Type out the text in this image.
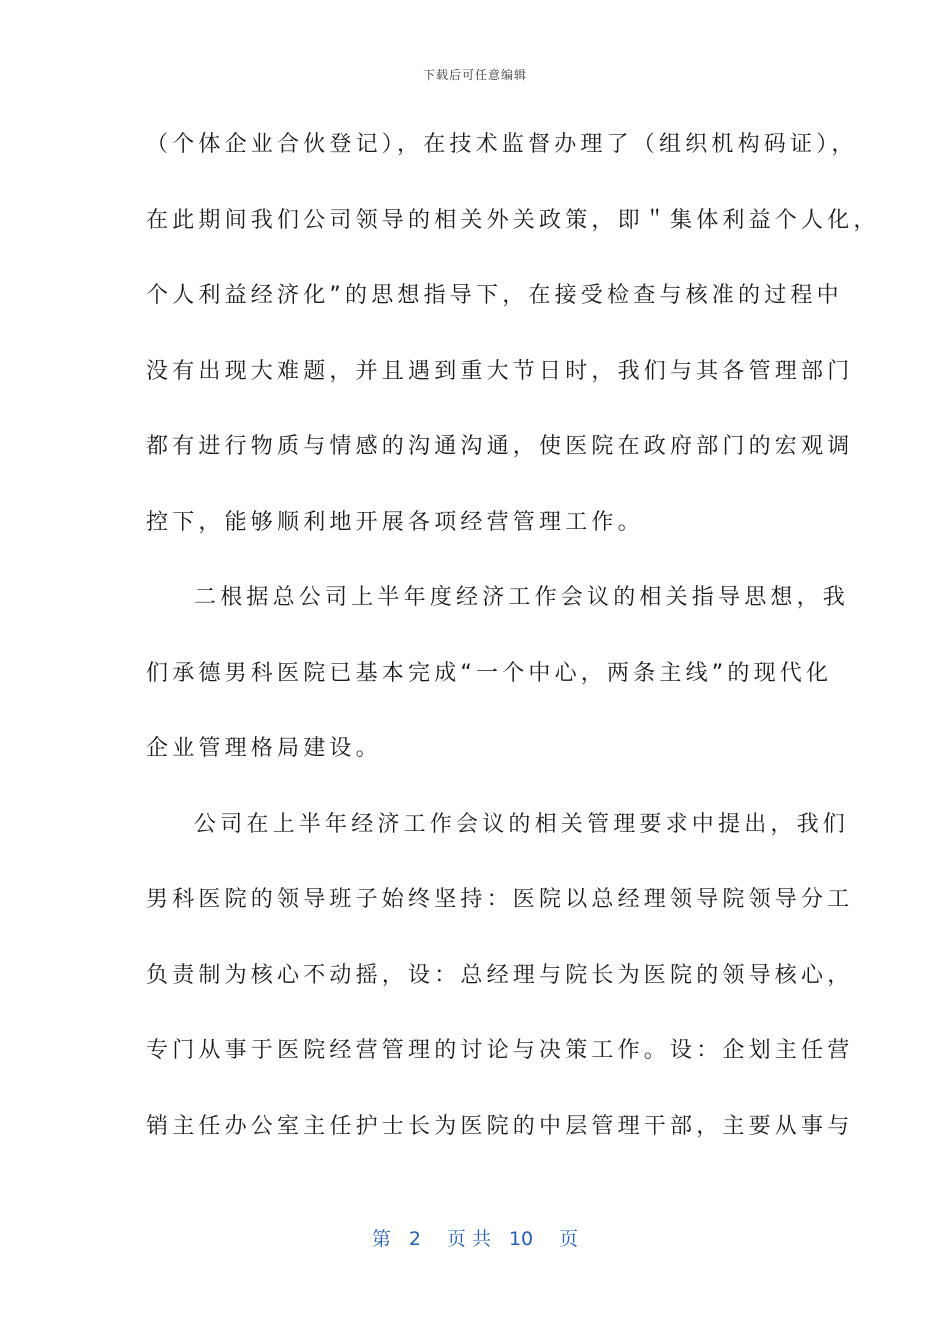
下载后可任意编辑
（个体企业合伙登记），在技术监督办理了（组织机构码证），
在此期间我们公司领导的相关外关政策，即＂集体利益个人化，
个人利益经济化”的思想指导下，在接受检查与核准的过程中
没有出现大难题，并且遇到重大节日时，我们与其各管理部门
都有进行物质与情感的沟通沟通，使医院在政府部门的宏观调
控下，能够顺利地开展各项经营管理工作。
二根据总公司上半年度经济工作会议的相关指导思想，我
们承德男科医院已基本完成“一个中心，两条主线”的现代化
企业管理格局建设。
公司在上半年经济工作会议的相关管理要求中提出，我们
男科医院的领导班子始终坚持：医院以总经理领导院领导分工
负责制为核心不动摇，设：总经理与院长为医院的领导核心，
专门从事于医院经营管理的讨论与决策工作。设：企划主任营
销主任办公室主任护士长为医院的中层管理干部，主要从事与
第 2 页 共 10 页
